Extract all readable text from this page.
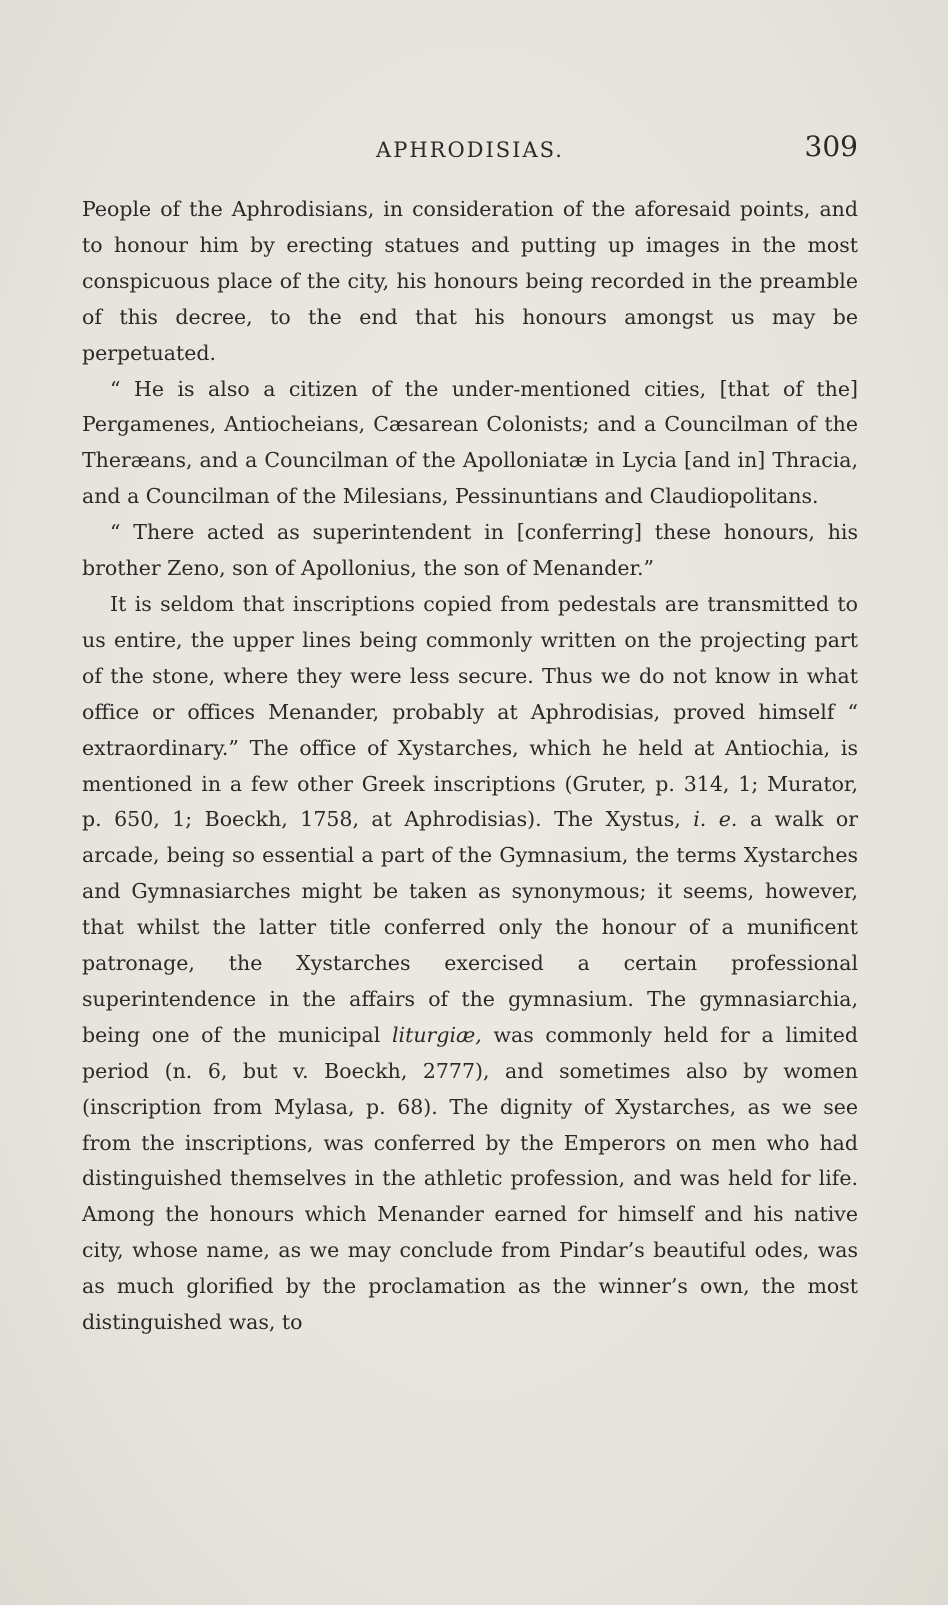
APHRODISIAS.	309

People of the Aphrodisians, in consideration of the aforesaid points, and to honour him by erecting statues and putting up images in the most conspicuous place of the city, his honours being recorded in the preamble of this decree, to the end that his honours amongst us may be perpetuated.

“ He is also a citizen of the under-mentioned cities, [that of the] Pergamenes, Antiocheians, Cæsarean Colonists; and a Councilman of the Theræans, and a Councilman of the Apolloniatæ in Lycia [and in] Thracia, and a Councilman of the Milesians, Pessinuntians and Claudiopolitans.

“ There acted as superintendent in [conferring] these honours, his brother Zeno, son of Apollonius, the son of Menander.”

It is seldom that inscriptions copied from pedestals are transmitted to us entire, the upper lines being commonly written on the projecting part of the stone, where they were less secure. Thus we do not know in what office or offices Menander, probably at Aphrodisias, proved himself “ extraordinary.” The office of Xystarches, which he held at Antiochia, is mentioned in a few other Greek inscriptions (Gruter, p. 314, 1; Murator, p. 650, 1; Boeckh, 1758, at Aphrodisias). The Xystus, i. e. a walk or arcade, being so essential a part of the Gymnasium, the terms Xystarches and Gymnasiarches might be taken as synonymous; it seems, however, that whilst the latter title conferred only the honour of a munificent patronage, the Xystarches exercised a certain professional superintendence in the affairs of the gymnasium. The gymnasiarchia, being one of the municipal liturgiæ, was commonly held for a limited period (n. 6, but v. Boeckh, 2777), and sometimes also by women (inscription from Mylasa, p. 68). The dignity of Xystarches, as we see from the inscriptions, was conferred by the Emperors on men who had distinguished themselves in the athletic profession, and was held for life. Among the honours which Menander earned for himself and his native city, whose name, as we may conclude from Pindar’s beautiful odes, was as much glorified by the proclamation as the winner’s own, the most distinguished was, to
